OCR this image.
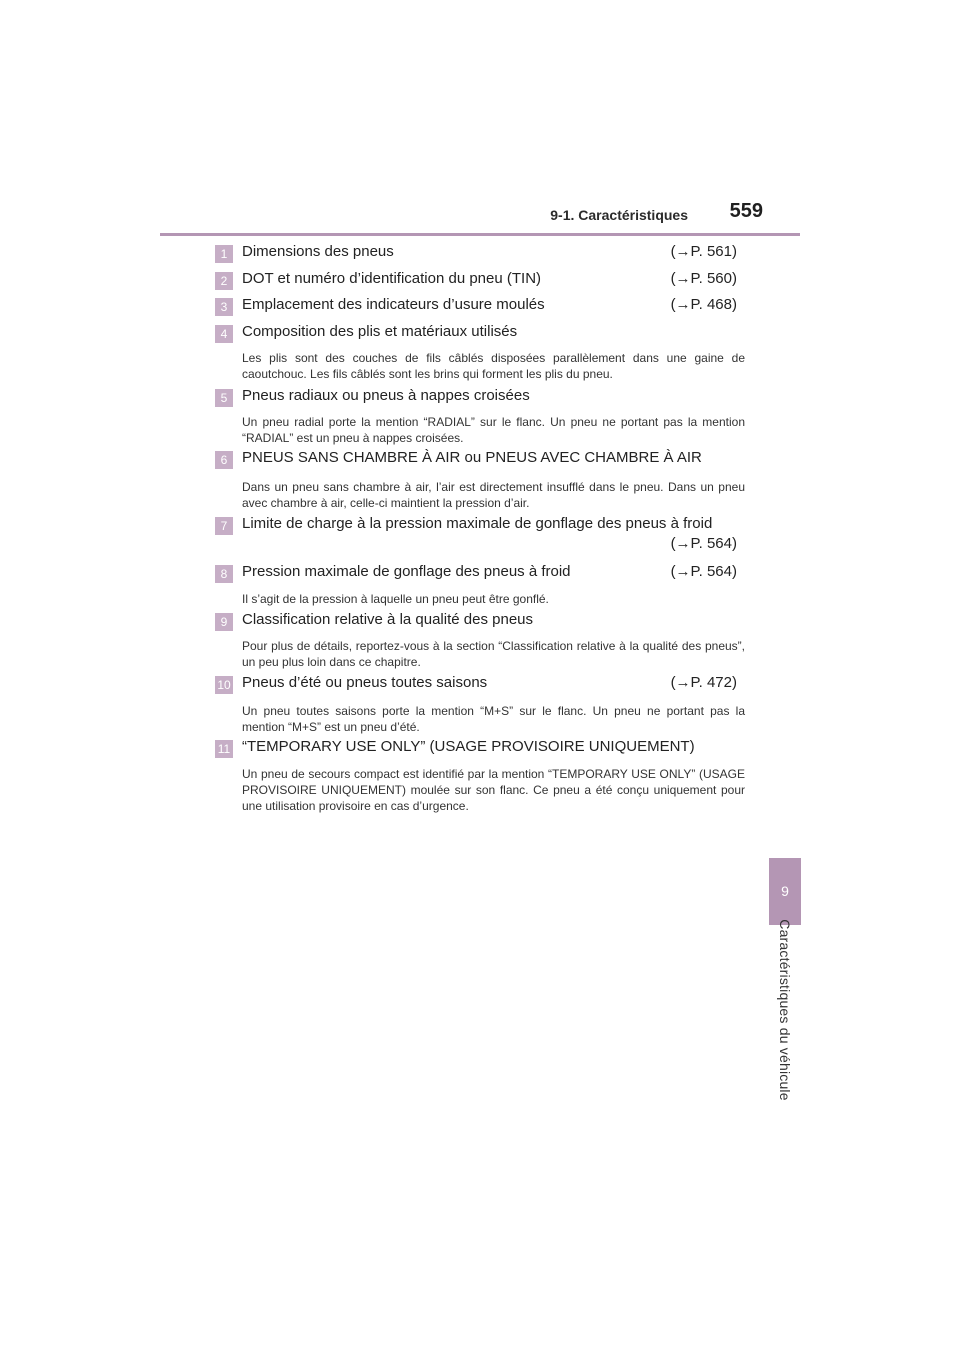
9-1. Caractéristiques	559
9
Caractéristiques du véhicule
1 Dimensions des pneus	(→P. 561)
2 DOT et numéro d’identification du pneu (TIN)	(→P. 560)
3 Emplacement des indicateurs d’usure moulés	(→P. 468)
4 Composition des plis et matériaux utilisés
Les plis sont des couches de fils câblés disposées parallèlement dans une gaine de caoutchouc. Les fils câblés sont les brins qui forment les plis du pneu.
5 Pneus radiaux ou pneus à nappes croisées
Un pneu radial porte la mention “RADIAL” sur le flanc. Un pneu ne portant pas la mention “RADIAL” est un pneu à nappes croisées.
6 PNEUS SANS CHAMBRE À AIR ou PNEUS AVEC CHAMBRE À AIR
Dans un pneu sans chambre à air, l’air est directement insufflé dans le pneu. Dans un pneu avec chambre à air, celle-ci maintient la pression d’air.
7 Limite de charge à la pression maximale de gonflage des pneus à froid
(→P. 564)
8 Pression maximale de gonflage des pneus à froid	(→P. 564)
Il s’agit de la pression à laquelle un pneu peut être gonflé.
9 Classification relative à la qualité des pneus
Pour plus de détails, reportez-vous à la section “Classification relative à la qualité des pneus”, un peu plus loin dans ce chapitre.
10 Pneus d’été ou pneus toutes saisons	(→P. 472)
Un pneu toutes saisons porte la mention “M+S” sur le flanc. Un pneu ne portant pas la mention “M+S” est un pneu d’été.
11 “TEMPORARY USE ONLY” (USAGE PROVISOIRE UNIQUEMENT)
Un pneu de secours compact est identifié par la mention “TEMPORARY USE ONLY” (USAGE PROVISOIRE UNIQUEMENT) moulée sur son flanc. Ce pneu a été conçu uniquement pour une utilisation provisoire en cas d’urgence.
